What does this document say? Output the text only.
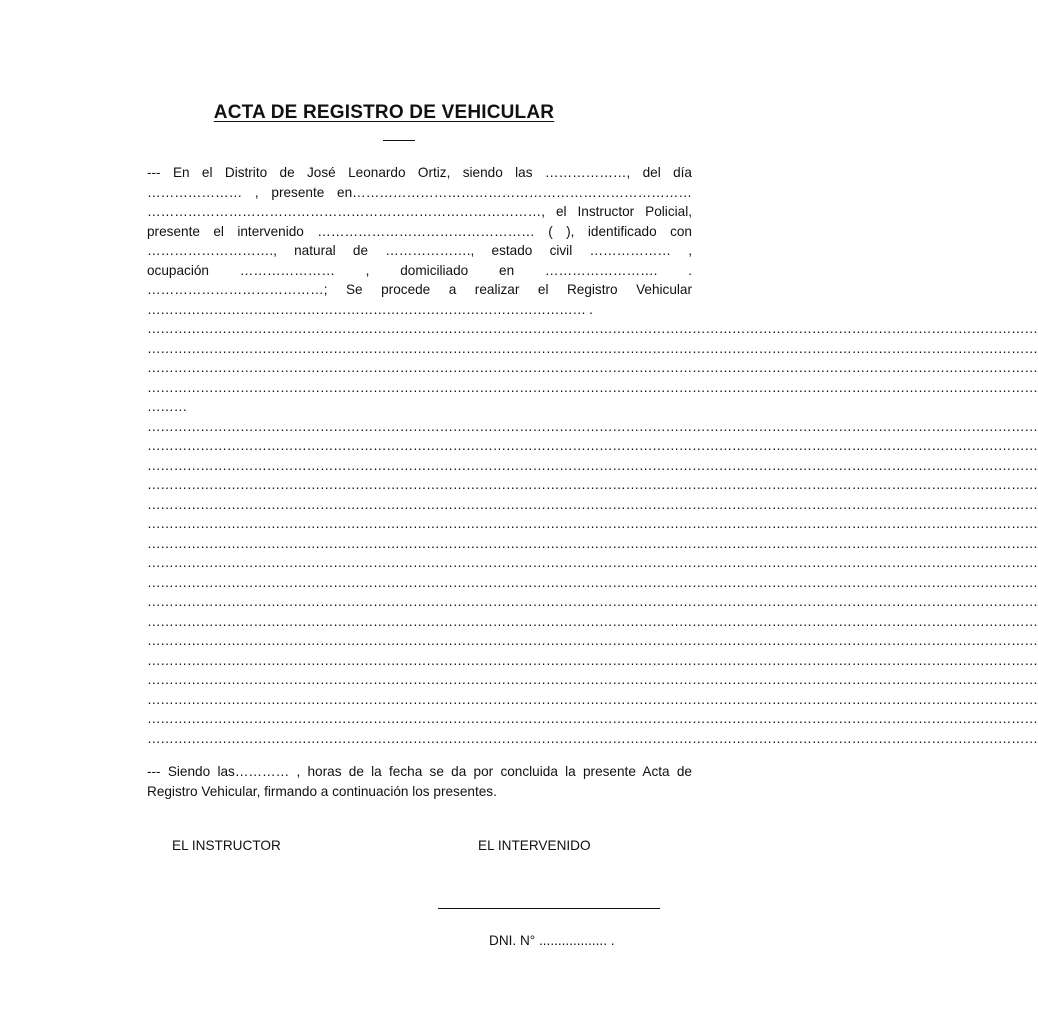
ACTA DE REGISTRO DE VEHICULAR
--- En el Distrito de José Leonardo Ortiz, siendo las ………………, del día
………………… , presente en…………………………………………………………………
……………………………………………………………………………, el Instructor Policial,
presente el intervenido ………………………………………… ( ), identificado con
………………………., natural de ………………., estado civil ……………… ,
ocupación ………………… , domiciliado en ……………………. .
…………………………………; Se procede a realizar el Registro Vehicular
……………………………………………………………………………………… .
…………………………………………………………………………………………………………………………………………………………………………………
…………………………………………………………………………………………………………………………………………………………………………………
…………………………………………………………………………………………………………………………………………………………………………………
…………………………………………………………………………………………………………………………………………………………………………………
………
…………………………………………………………………………………………………………………………………………………………………………………
…………………………………………………………………………………………………………………………………………………………………………………
…………………………………………………………………………………………………………………………………………………………………………………
…………………………………………………………………………………………………………………………………………………………………………………
…………………………………………………………………………………………………………………………………………………………………………………
…………………………………………………………………………………………………………………………………………………………………………………
…………………………………………………………………………………………………………………………………………………………………………………
…………………………………………………………………………………………………………………………………………………………………………………
…………………………………………………………………………………………………………………………………………………………………………………
…………………………………………………………………………………………………………………………………………………………………………………
…………………………………………………………………………………………………………………………………………………………………………………
…………………………………………………………………………………………………………………………………………………………………………………
…………………………………………………………………………………………………………………………………………………………………………………
…………………………………………………………………………………………………………………………………………………………………………………
…………………………………………………………………………………………………………………………………………………………………………………
…………………………………………………………………………………………………………………………………………………………………………………
…………………………………………………………………………………………………………………………………………………………………………………

--- Siendo las………… , horas de la fecha se da por concluida la presente Acta de Registro Vehicular, firmando a continuación los presentes.

EL INSTRUCTOR	EL INTERVENIDO
DNI. N° .................. .
